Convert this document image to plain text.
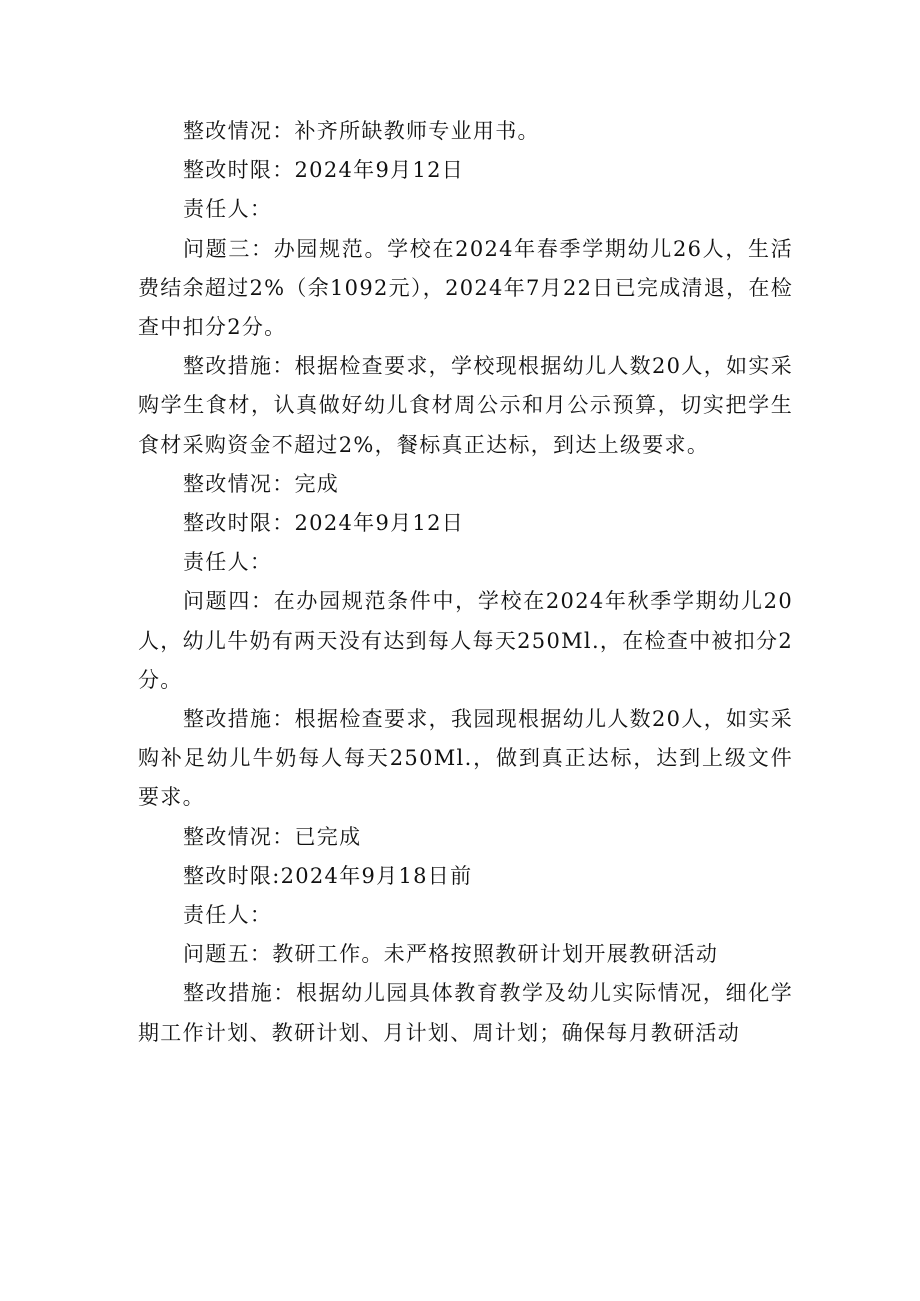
整改情况：补齐所缺教师专业用书。

整改时限：2024年9月12日

责任人：

问题三：办园规范。学校在2024年春季学期幼儿26人，生活费结余超过2%（余1092元），2024年7月22日已完成清退，在检查中扣分2分。

整改措施：根据检查要求，学校现根据幼儿人数20人，如实采购学生食材，认真做好幼儿食材周公示和月公示预算，切实把学生食材采购资金不超过2%，餐标真正达标，到达上级要求。

整改情况：完成

整改时限：2024年9月12日

责任人：

问题四：在办园规范条件中，学校在2024年秋季学期幼儿20人，幼儿牛奶有两天没有达到每人每天250Ml.，在检查中被扣分2分。

整改措施：根据检查要求，我园现根据幼儿人数20人，如实采购补足幼儿牛奶每人每天250Ml.，做到真正达标，达到上级文件要求。

整改情况：已完成

整改时限:2024年9月18日前

责任人：

问题五：教研工作。未严格按照教研计划开展教研活动

整改措施：根据幼儿园具体教育教学及幼儿实际情况，细化学期工作计划、教研计划、月计划、周计划；确保每月教研活动
